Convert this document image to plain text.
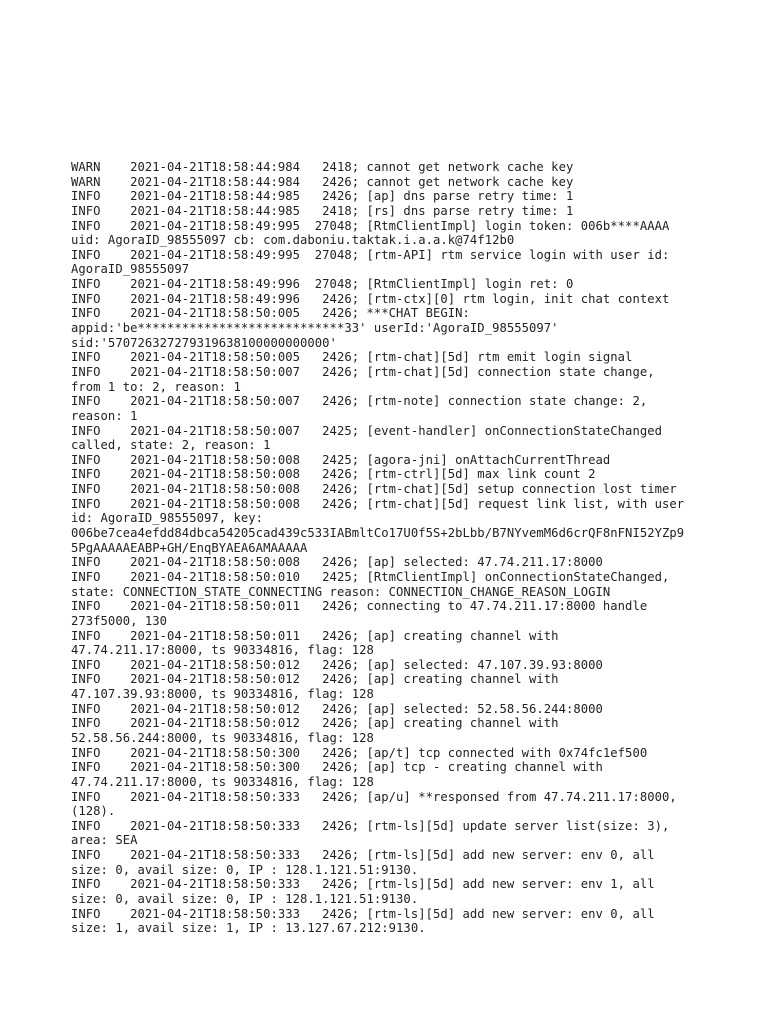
WARN    2021-04-21T18:58:44:984   2418; cannot get network cache key
WARN    2021-04-21T18:58:44:984   2426; cannot get network cache key
INFO    2021-04-21T18:58:44:985   2426; [ap] dns parse retry time: 1
INFO    2021-04-21T18:58:44:985   2418; [rs] dns parse retry time: 1
INFO    2021-04-21T18:58:49:995  27048; [RtmClientImpl] login token: 006b****AAAA
uid: AgoraID_98555097 cb: com.daboniu.taktak.i.a.a.k@74f12b0
INFO    2021-04-21T18:58:49:995  27048; [rtm-API] rtm service login with user id:
AgoraID_98555097
INFO    2021-04-21T18:58:49:996  27048; [RtmClientImpl] login ret: 0
INFO    2021-04-21T18:58:49:996   2426; [rtm-ctx][0] rtm login, init chat context
INFO    2021-04-21T18:58:50:005   2426; ***CHAT BEGIN:
appid:'be****************************33' userId:'AgoraID_98555097'
sid:'570726327279319638100000000000'
INFO    2021-04-21T18:58:50:005   2426; [rtm-chat][5d] rtm emit login signal
INFO    2021-04-21T18:58:50:007   2426; [rtm-chat][5d] connection state change,
from 1 to: 2, reason: 1
INFO    2021-04-21T18:58:50:007   2426; [rtm-note] connection state change: 2,
reason: 1
INFO    2021-04-21T18:58:50:007   2425; [event-handler] onConnectionStateChanged
called, state: 2, reason: 1
INFO    2021-04-21T18:58:50:008   2425; [agora-jni] onAttachCurrentThread
INFO    2021-04-21T18:58:50:008   2426; [rtm-ctrl][5d] max link count 2
INFO    2021-04-21T18:58:50:008   2426; [rtm-chat][5d] setup connection lost timer
INFO    2021-04-21T18:58:50:008   2426; [rtm-chat][5d] request link list, with user
id: AgoraID_98555097, key:
006be7cea4efdd84dbca54205cad439c533IABmltCo17U0f5S+2bLbb/B7NYvemM6d6crQF8nFNI52YZp9
5PgAAAAAEABP+GH/EnqBYAEA6AMAAAAA
INFO    2021-04-21T18:58:50:008   2426; [ap] selected: 47.74.211.17:8000
INFO    2021-04-21T18:58:50:010   2425; [RtmClientImpl] onConnectionStateChanged,
state: CONNECTION_STATE_CONNECTING reason: CONNECTION_CHANGE_REASON_LOGIN
INFO    2021-04-21T18:58:50:011   2426; connecting to 47.74.211.17:8000 handle
273f5000, 130
INFO    2021-04-21T18:58:50:011   2426; [ap] creating channel with
47.74.211.17:8000, ts 90334816, flag: 128
INFO    2021-04-21T18:58:50:012   2426; [ap] selected: 47.107.39.93:8000
INFO    2021-04-21T18:58:50:012   2426; [ap] creating channel with
47.107.39.93:8000, ts 90334816, flag: 128
INFO    2021-04-21T18:58:50:012   2426; [ap] selected: 52.58.56.244:8000
INFO    2021-04-21T18:58:50:012   2426; [ap] creating channel with
52.58.56.244:8000, ts 90334816, flag: 128
INFO    2021-04-21T18:58:50:300   2426; [ap/t] tcp connected with 0x74fc1ef500
INFO    2021-04-21T18:58:50:300   2426; [ap] tcp - creating channel with
47.74.211.17:8000, ts 90334816, flag: 128
INFO    2021-04-21T18:58:50:333   2426; [ap/u] **responsed from 47.74.211.17:8000,
(128).
INFO    2021-04-21T18:58:50:333   2426; [rtm-ls][5d] update server list(size: 3),
area: SEA
INFO    2021-04-21T18:58:50:333   2426; [rtm-ls][5d] add new server: env 0, all
size: 0, avail size: 0, IP : 128.1.121.51:9130.
INFO    2021-04-21T18:58:50:333   2426; [rtm-ls][5d] add new server: env 1, all
size: 0, avail size: 0, IP : 128.1.121.51:9130.
INFO    2021-04-21T18:58:50:333   2426; [rtm-ls][5d] add new server: env 0, all
size: 1, avail size: 1, IP : 13.127.67.212:9130.
